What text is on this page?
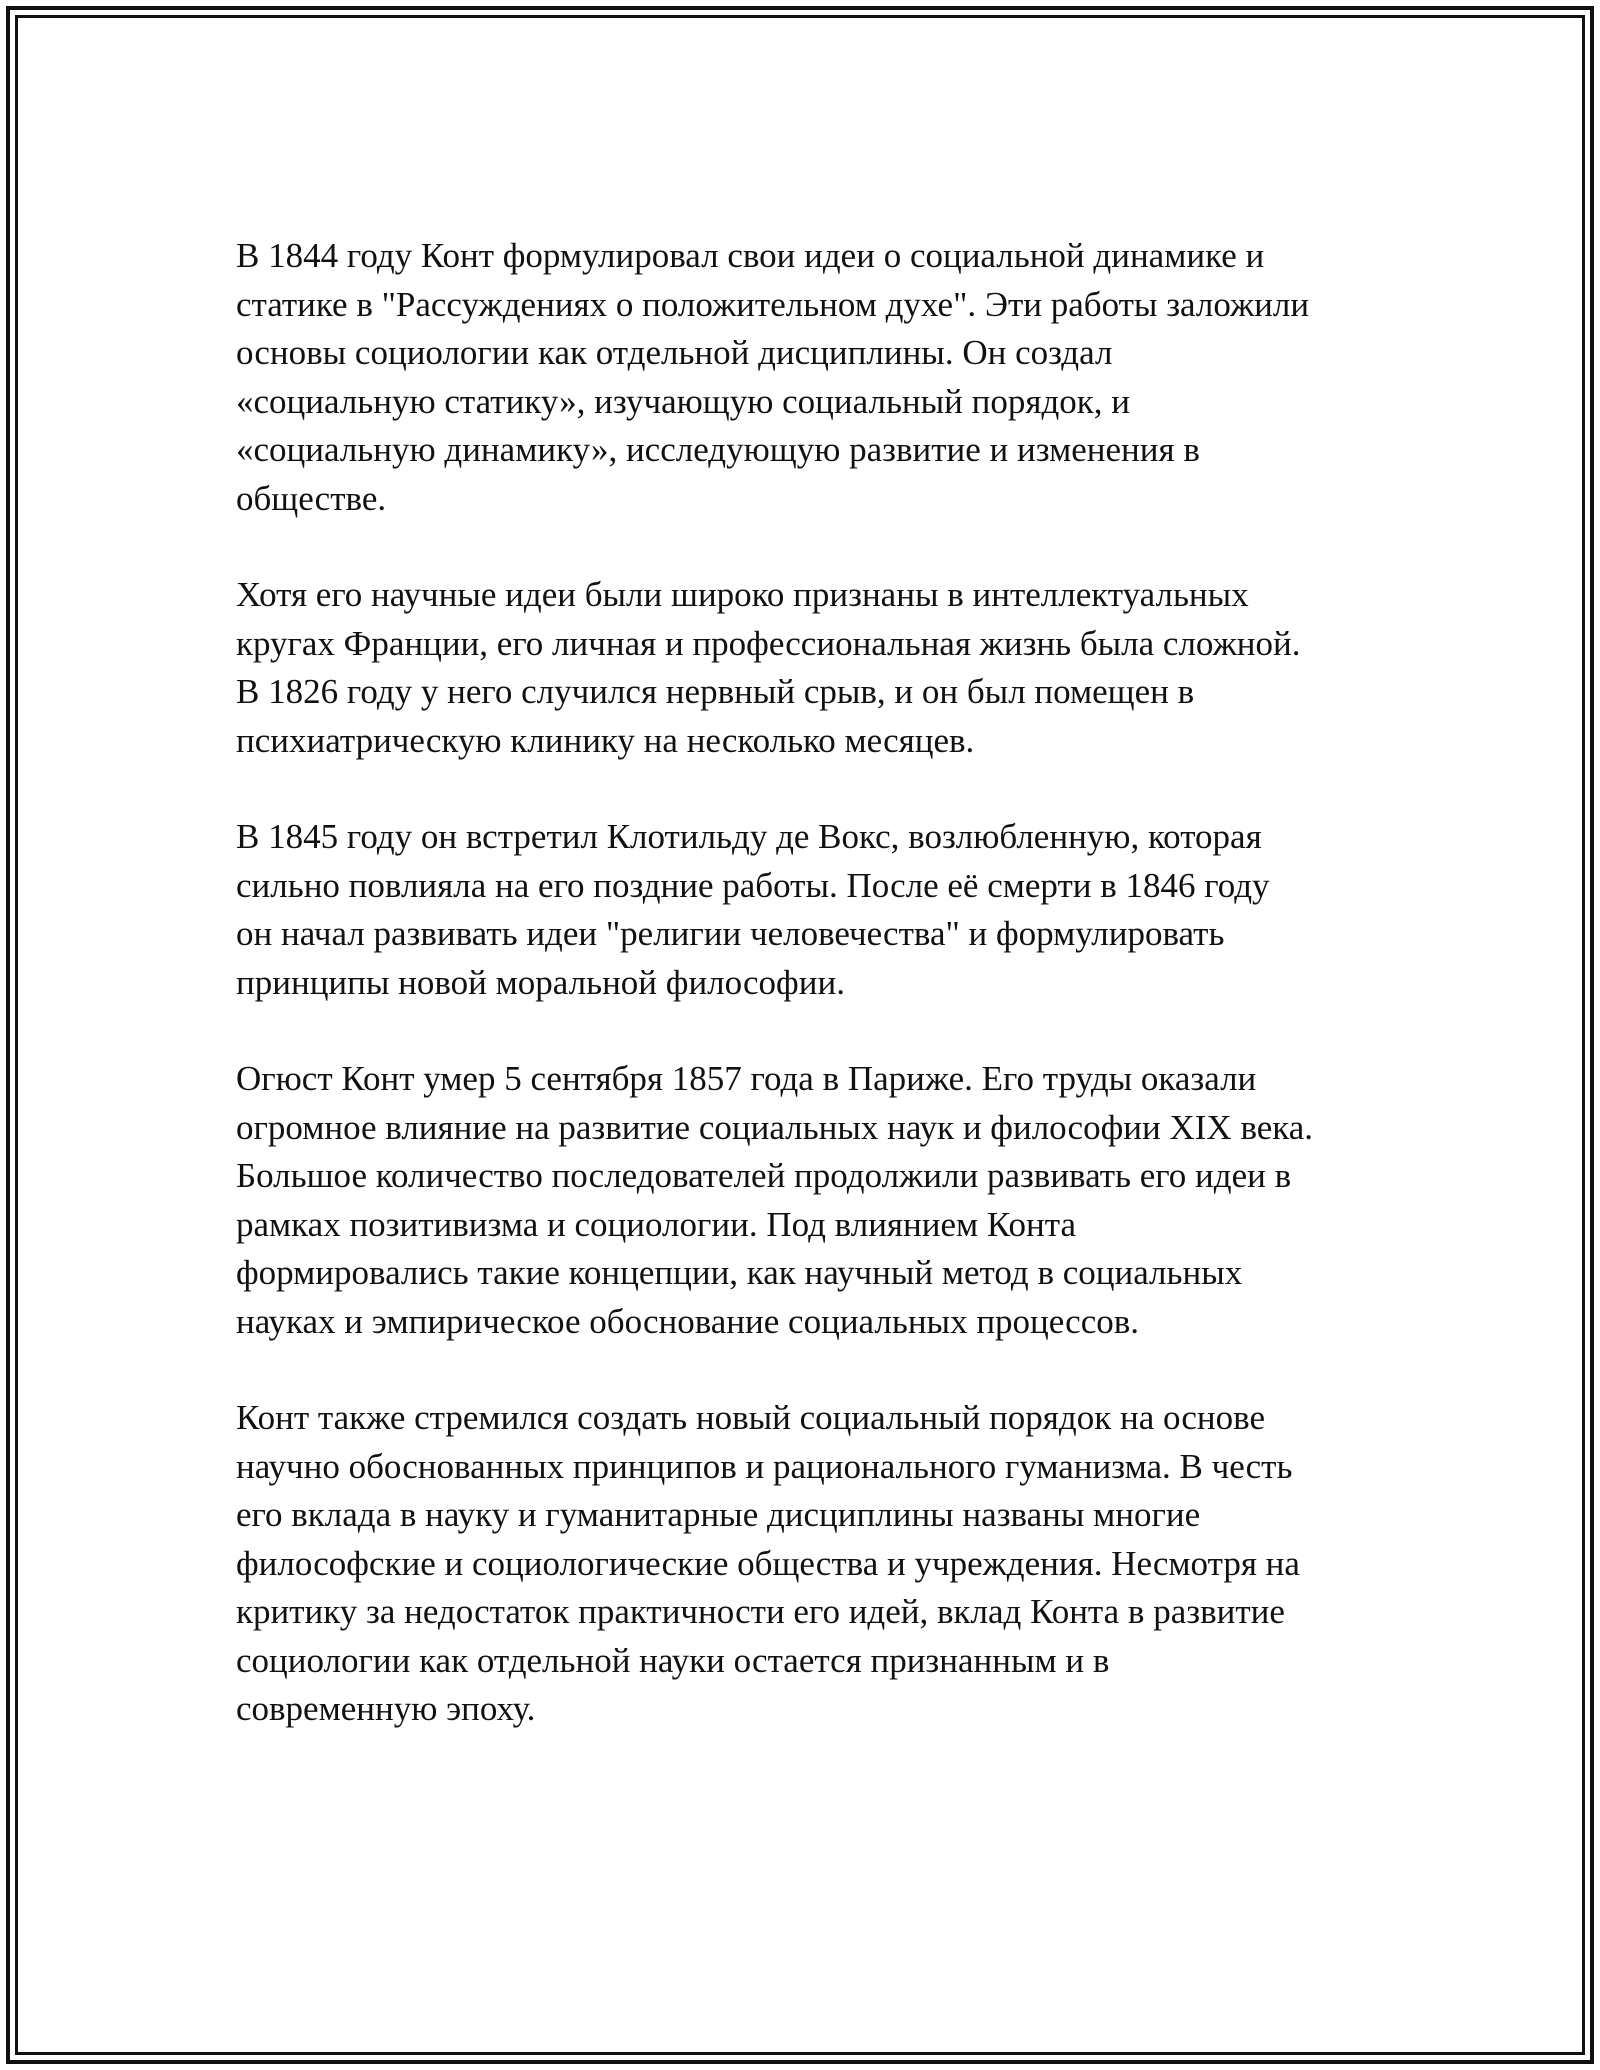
В 1844 году Конт формулировал свои идеи о социальной динамике и
статике в "Рассуждениях о положительном духе". Эти работы заложили
основы социологии как отдельной дисциплины. Он создал
«социальную статику», изучающую социальный порядок, и
«социальную динамику», исследующую развитие и изменения в
обществе.

Хотя его научные идеи были широко признаны в интеллектуальных
кругах Франции, его личная и профессиональная жизнь была сложной.
В 1826 году у него случился нервный срыв, и он был помещен в
психиатрическую клинику на несколько месяцев.

В 1845 году он встретил Клотильду де Вокс, возлюбленную, которая
сильно повлияла на его поздние работы. После её смерти в 1846 году
он начал развивать идеи "религии человечества" и формулировать
принципы новой моральной философии.

Огюст Конт умер 5 сентября 1857 года в Париже. Его труды оказали
огромное влияние на развитие социальных наук и философии XIX века.
Большое количество последователей продолжили развивать его идеи в
рамках позитивизма и социологии. Под влиянием Конта
формировались такие концепции, как научный метод в социальных
науках и эмпирическое обоснование социальных процессов.

Конт также стремился создать новый социальный порядок на основе
научно обоснованных принципов и рационального гуманизма. В честь
его вклада в науку и гуманитарные дисциплины названы многие
философские и социологические общества и учреждения. Несмотря на
критику за недостаток практичности его идей, вклад Конта в развитие
социологии как отдельной науки остается признанным и в
современную эпоху.
